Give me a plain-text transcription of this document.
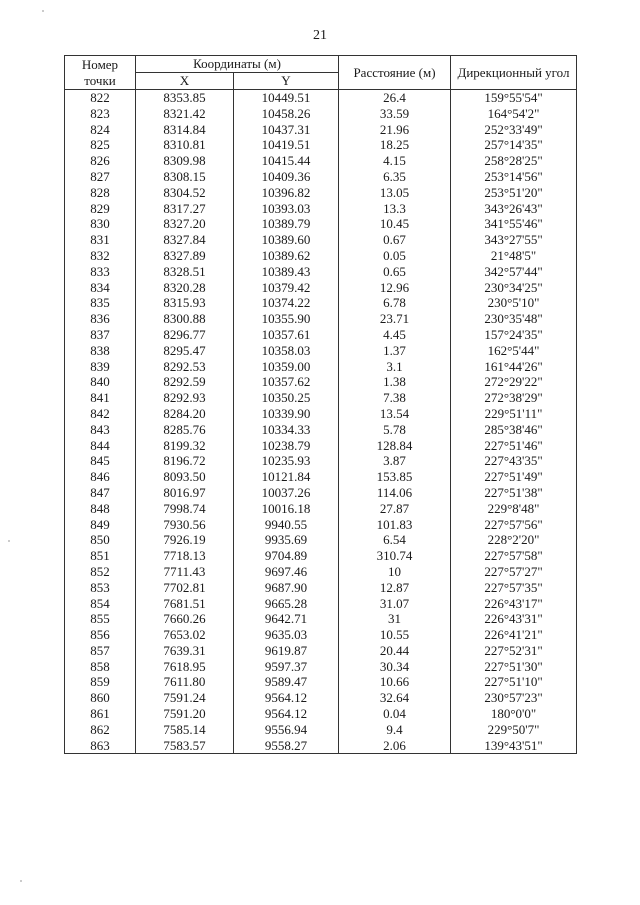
21
Номер точки	Координаты (м)		Расстояние (м)	Дирекционный угол
	X	Y		
822	8353.85	10449.51	26.4	159°55'54"
823	8321.42	10458.26	33.59	164°54'2"
824	8314.84	10437.31	21.96	252°33'49"
825	8310.81	10419.51	18.25	257°14'35"
826	8309.98	10415.44	4.15	258°28'25"
827	8308.15	10409.36	6.35	253°14'56"
828	8304.52	10396.82	13.05	253°51'20"
829	8317.27	10393.03	13.3	343°26'43"
830	8327.20	10389.79	10.45	341°55'46"
831	8327.84	10389.60	0.67	343°27'55"
832	8327.89	10389.62	0.05	21°48'5"
833	8328.51	10389.43	0.65	342°57'44"
834	8320.28	10379.42	12.96	230°34'25"
835	8315.93	10374.22	6.78	230°5'10"
836	8300.88	10355.90	23.71	230°35'48"
837	8296.77	10357.61	4.45	157°24'35"
838	8295.47	10358.03	1.37	162°5'44"
839	8292.53	10359.00	3.1	161°44'26"
840	8292.59	10357.62	1.38	272°29'22"
841	8292.93	10350.25	7.38	272°38'29"
842	8284.20	10339.90	13.54	229°51'11"
843	8285.76	10334.33	5.78	285°38'46"
844	8199.32	10238.79	128.84	227°51'46"
845	8196.72	10235.93	3.87	227°43'35"
846	8093.50	10121.84	153.85	227°51'49"
847	8016.97	10037.26	114.06	227°51'38"
848	7998.74	10016.18	27.87	229°8'48"
849	7930.56	9940.55	101.83	227°57'56"
850	7926.19	9935.69	6.54	228°2'20"
851	7718.13	9704.89	310.74	227°57'58"
852	7711.43	9697.46	10	227°57'27"
853	7702.81	9687.90	12.87	227°57'35"
854	7681.51	9665.28	31.07	226°43'17"
855	7660.26	9642.71	31	226°43'31"
856	7653.02	9635.03	10.55	226°41'21"
857	7639.31	9619.87	20.44	227°52'31"
858	7618.95	9597.37	30.34	227°51'30"
859	7611.80	9589.47	10.66	227°51'10"
860	7591.24	9564.12	32.64	230°57'23"
861	7591.20	9564.12	0.04	180°0'0"
862	7585.14	9556.94	9.4	229°50'7"
863	7583.57	9558.27	2.06	139°43'51"
